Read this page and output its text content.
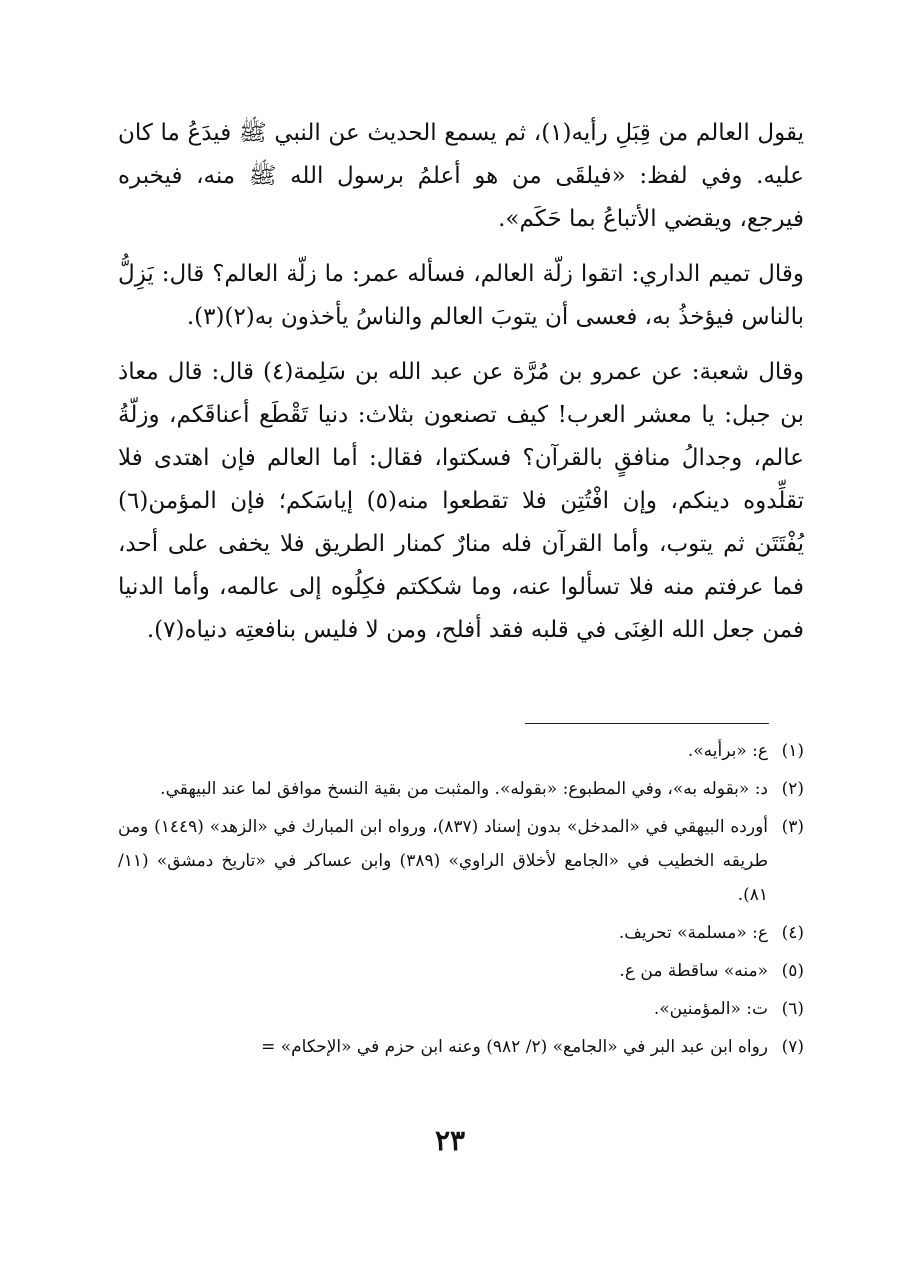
يقول العالم من قِبَلِ رأيه(١)، ثم يسمع الحديث عن النبي ﷺ فيدَعُ ما كان عليه. وفي لفظ: «فيلقَى من هو أعلمُ برسول الله ﷺ منه، فيخبره فيرجع، ويقضي الأتباعُ بما حَكَم».

وقال تميم الداري: اتقوا زلّة العالم، فسأله عمر: ما زلّة العالم؟ قال: يَزِلُّ بالناس فيؤخذُ به، فعسى أن يتوبَ العالم والناسُ يأخذون به(٢)(٣).

وقال شعبة: عن عمرو بن مُرَّة عن عبد الله بن سَلِمة(٤) قال: قال معاذ بن جبل: يا معشر العرب! كيف تصنعون بثلاث: دنيا تَقْطَع أعناقَكم، وزلّةُ عالم، وجدالُ منافقٍ بالقرآن؟ فسكتوا، فقال: أما العالم فإن اهتدى فلا تقلِّدوه دينكم، وإن افْتُتِن فلا تقطعوا منه(٥) إياسَكم؛ فإن المؤمن(٦) يُفْتَتَن ثم يتوب، وأما القرآن فله منارٌ كمنار الطريق فلا يخفى على أحد، فما عرفتم منه فلا تسألوا عنه، وما شككتم فكِلُوه إلى عالمه، وأما الدنيا فمن جعل الله الغِنَى في قلبه فقد أفلح، ومن لا فليس بنافعتِه دنياه(٧).

(١)
ع: «برأيه».
(٢)
د: «بقوله به»، وفي المطبوع: «بقوله». والمثبت من بقية النسخ موافق لما عند البيهقي.
(٣)
أورده البيهقي في «المدخل» بدون إسناد (٨٣٧)، ورواه ابن المبارك في «الزهد» (١٤٤٩) ومن طريقه الخطيب في «الجامع لأخلاق الراوي» (٣٨٩) وابن عساكر في «تاريخ دمشق» (١١/ ٨١).
(٤)
ع: «مسلمة» تحريف.
(٥)
«منه» ساقطة من ع.
(٦)
ت: «المؤمنين».
(٧)
رواه ابن عبد البر في «الجامع» (٢/ ٩٨٢) وعنه ابن حزم في «الإحكام» =
٢٣
